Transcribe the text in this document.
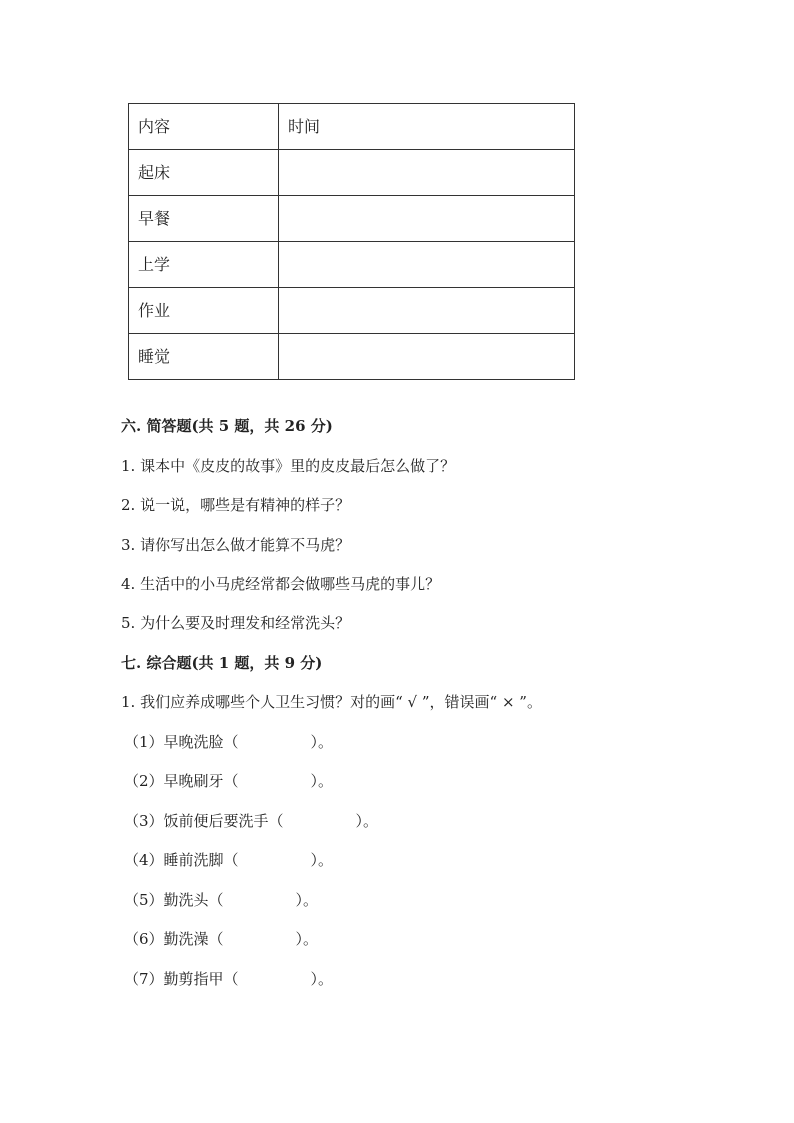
内容	时间
起床	
早餐	
上学	
作业	
睡觉	
六. 简答题(共 5 题，共 26 分)
1. 课本中《皮皮的故事》里的皮皮最后怎么做了？
2. 说一说，哪些是有精神的样子？
3. 请你写出怎么做才能算不马虎？
4. 生活中的小马虎经常都会做哪些马虎的事儿？
5. 为什么要及时理发和经常洗头？
七. 综合题(共 1 题，共 9 分)
1. 我们应养成哪些个人卫生习惯？对的画“ √ ”，错误画“ × ”。
（1）早晚洗脸（	）。
（2）早晚刷牙（	）。
（3）饭前便后要洗手（	）。
（4）睡前洗脚（	）。
（5）勤洗头（	）。
（6）勤洗澡（	）。
（7）勤剪指甲（	）。
